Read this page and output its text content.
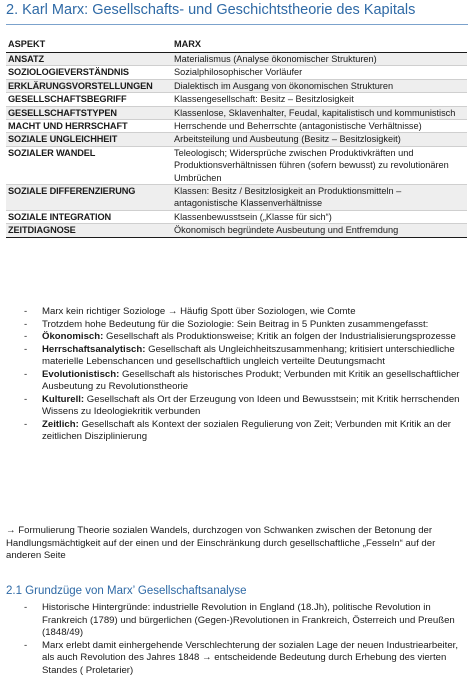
2. Karl Marx: Gesellschafts- und Geschichtstheorie des Kapitals
ASPEKT	MARX
ANSATZ	Materialismus (Analyse ökonomischer Strukturen)
SOZIOLOGIEVERSTÄNDNIS	Sozialphilosophischer Vorläufer
ERKLÄRUNGSVORSTELLUNGEN	Dialektisch im Ausgang von ökonomischen Strukturen
GESELLSCHAFTSBEGRIFF	Klassengesellschaft: Besitz – Besitzlosigkeit
GESELLSCHAFTSTYPEN	Klassenlose, Sklavenhalter, Feudal, kapitalistisch und kommunistisch
MACHT UND HERRSCHAFT	Herrschende und Beherrschte (antagonistische Verhältnisse)
SOZIALE UNGLEICHHEIT	Arbeitsteilung und Ausbeutung (Besitz – Besitzlosigkeit)
SOZIALER WANDEL	Teleologisch; Widersprüche zwischen Produktivkräften und Produktionsverhältnissen führen (sofern bewusst) zu revolutionären Umbrüchen
SOZIALE DIFFERENZIERUNG	Klassen: Besitz / Besitzlosigkeit an Produktionsmitteln – antagonistische Klassenverhältnisse
SOZIALE INTEGRATION	Klassenbewusstsein („Klasse für sich“)
ZEITDIAGNOSE	Ökonomisch begründete Ausbeutung und Entfremdung
- Marx kein richtiger Soziologe → Häufig Spott über Soziologen, wie Comte
- Trotzdem hohe Bedeutung für die Soziologie: Sein Beitrag in 5 Punkten zusammengefasst:
- Ökonomisch: Gesellschaft als Produktionsweise; Kritik an folgen der Industrialisierungsprozesse
- Herrschaftsanalytisch: Gesellschaft als Ungleichheitszusammenhang; kritisiert unterschiedliche materielle Lebenschancen und gesellschaftlich ungleich verteilte Deutungsmacht
- Evolutionistisch: Gesellschaft als historisches Produkt; Verbunden mit Kritik an gesellschaftlicher Ausbeutung zu Revolutionstheorie
- Kulturell: Gesellschaft als Ort der Erzeugung von Ideen und Bewusstsein; mit Kritik herrschenden Wissens zu Ideologiekritik verbunden
- Zeitlich: Gesellschaft als Kontext der sozialen Regulierung von Zeit; Verbunden mit Kritik an der zeitlichen Disziplinierung
→ Formulierung Theorie sozialen Wandels, durchzogen von Schwanken zwischen der Betonung der Handlungsmächtigkeit auf der einen und der Einschränkung durch gesellschaftliche „Fesseln“ auf der anderen Seite
2.1 Grundzüge von Marx’ Gesellschaftsanalyse
- Historische Hintergründe: industrielle Revolution in England (18.Jh), politische Revolution in Frankreich (1789) und bürgerlichen (Gegen-)Revolutionen in Frankreich, Österreich und Preußen (1848/49)
- Marx erlebt damit einhergehende Verschlechterung der sozialen Lage der neuen Industriearbeiter, als auch Revolution des Jahres 1848 → entscheidende Bedeutung durch Erhebung des vierten Standes ( Proletarier)
